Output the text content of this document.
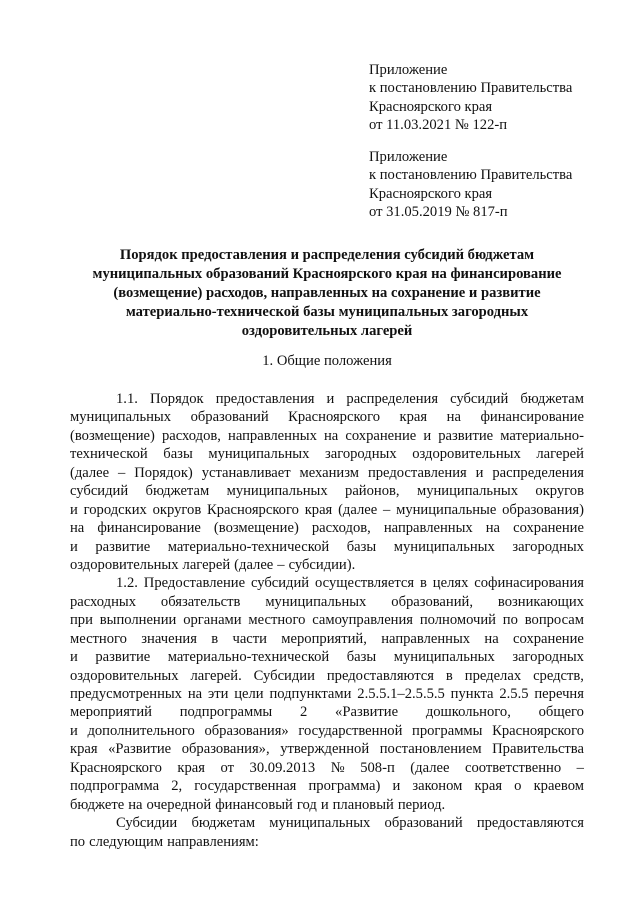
Приложение
к постановлению Правительства
Красноярского края
от 11.03.2021 № 122-п
Приложение
к постановлению Правительства
Красноярского края
от 31.05.2019 № 817-п
Порядок предоставления и распределения субсидий бюджетам
муниципальных образований Красноярского края на финансирование
(возмещение) расходов, направленных на сохранение и развитие
материально-технической базы муниципальных загородных
оздоровительных лагерей
1. Общие положения
1.1. Порядок предоставления и распределения субсидий бюджетам
муниципальных образований Красноярского края на финансирование
(возмещение) расходов, направленных на сохранение и развитие материально-
технической базы муниципальных загородных оздоровительных лагерей
(далее – Порядок) устанавливает механизм предоставления и распределения
субсидий бюджетам муниципальных районов, муниципальных округов
и городских округов Красноярского края (далее – муниципальные образования)
на финансирование (возмещение) расходов, направленных на сохранение
и развитие материально-технической базы муниципальных загородных
оздоровительных лагерей (далее – субсидии).
1.2. Предоставление субсидий осуществляется в целях софинасирования
расходных обязательств муниципальных образований, возникающих
при выполнении органами местного самоуправления полномочий по вопросам
местного значения в части мероприятий, направленных на сохранение
и развитие материально-технической базы муниципальных загородных
оздоровительных лагерей. Субсидии предоставляются в пределах средств,
предусмотренных на эти цели подпунктами 2.5.5.1–2.5.5.5 пункта 2.5.5 перечня
мероприятий подпрограммы 2 «Развитие дошкольного, общего
и дополнительного образования» государственной программы Красноярского
края «Развитие образования», утвержденной постановлением Правительства
Красноярского края от 30.09.2013 № 508-п (далее соответственно –
подпрограмма 2, государственная программа) и законом края о краевом
бюджете на очередной финансовый год и плановый период.
Субсидии бюджетам муниципальных образований предоставляются
по следующим направлениям:
